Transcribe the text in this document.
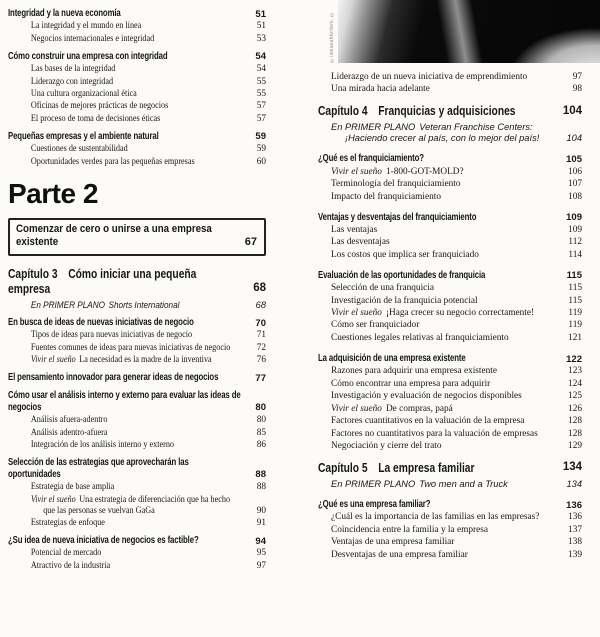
©iweasahterteni, ©
Integridad y la nueva economía	51
La integridad y el mundo en línea	51
Negocios internacionales e integridad	53
Cómo construir una empresa con integridad	54
Las bases de la integridad	54
Liderazgo con integridad	55
Una cultura organizacional ética	55
Oficinas de mejores prácticas de negocios	57
El proceso de toma de decisiones éticas	57
Pequeñas empresas y el ambiente natural	59
Cuestiones de sustentabilidad	59
Oportunidades verdes para las pequeñas empresas	60
Parte 2
Comenzar de cero o unirse a una empresa existente	67
Capítulo 3 Cómo iniciar una pequeña empresa	68
En PRIMER PLANO Shorts International	68
En busca de ideas de nuevas iniciativas de negocio	70
Tipos de ideas para nuevas iniciativas de negocio	71
Fuentes comunes de ideas para nuevas iniciativas de negocio	72
Vivir el sueño La necesidad es la madre de la inventiva	76
El pensamiento innovador para generar ideas de negocios	77
Cómo usar el análisis interno y externo para evaluar las ideas de negocios	80
Análisis afuera-adentro	80
Análisis adentro-afuera	85
Integración de los análisis interno y externo	86
Selección de las estrategias que aprovecharán las oportunidades	88
Estrategia de base amplia	88
Vivir el sueño Una estrategia de diferenciación que ha hecho que las personas se vuelvan GaGa	90
Estrategias de enfoque	91
¿Su idea de nueva iniciativa de negocios es factible?	94
Potencial de mercado	95
Atractivo de la industria	97
Liderazgo de un nueva iniciativa de emprendimiento	97
Una mirada hacia adelante	98
Capítulo 4 Franquicias y adquisiciones	104
En PRIMER PLANO Veteran Franchise Centers: ¡Haciendo crecer al país, con lo mejor del país!	104
¿Qué es el franquiciamiento?	105
Vivir el sueño 1-800-GOT-MOLD?	106
Terminología del franquiciamiento	107
Impacto del franquiciamiento	108
Ventajas y desventajas del franquiciamiento	109
Las ventajas	109
Las desventajas	112
Los costos que implica ser franquiciado	114
Evaluación de las oportunidades de franquicia	115
Selección de una franquicia	115
Investigación de la franquicia potencial	115
Vivir el sueño ¡Haga crecer su negocio correctamente!	119
Cómo ser franquiciador	119
Cuestiones legales relativas al franquiciamiento	121
La adquisición de una empresa existente	122
Razones para adquirir una empresa existente	123
Cómo encontrar una empresa para adquirir	124
Investigación y evaluación de negocios disponibles	125
Vivir el sueño De compras, papá	126
Factores cuantitativos en la valuación de la empresa	128
Factores no cuantitativos para la valuación de empresas	128
Negociación y cierre del trato	129
Capítulo 5 La empresa familiar	134
En PRIMER PLANO Two men and a Truck	134
¿Qué es una empresa familiar?	136
¿Cuál es la importancia de las familias en las empresas?	136
Coincidencia entre la familia y la empresa	137
Ventajas de una empresa familiar	138
Desventajas de una empresa familiar	139
